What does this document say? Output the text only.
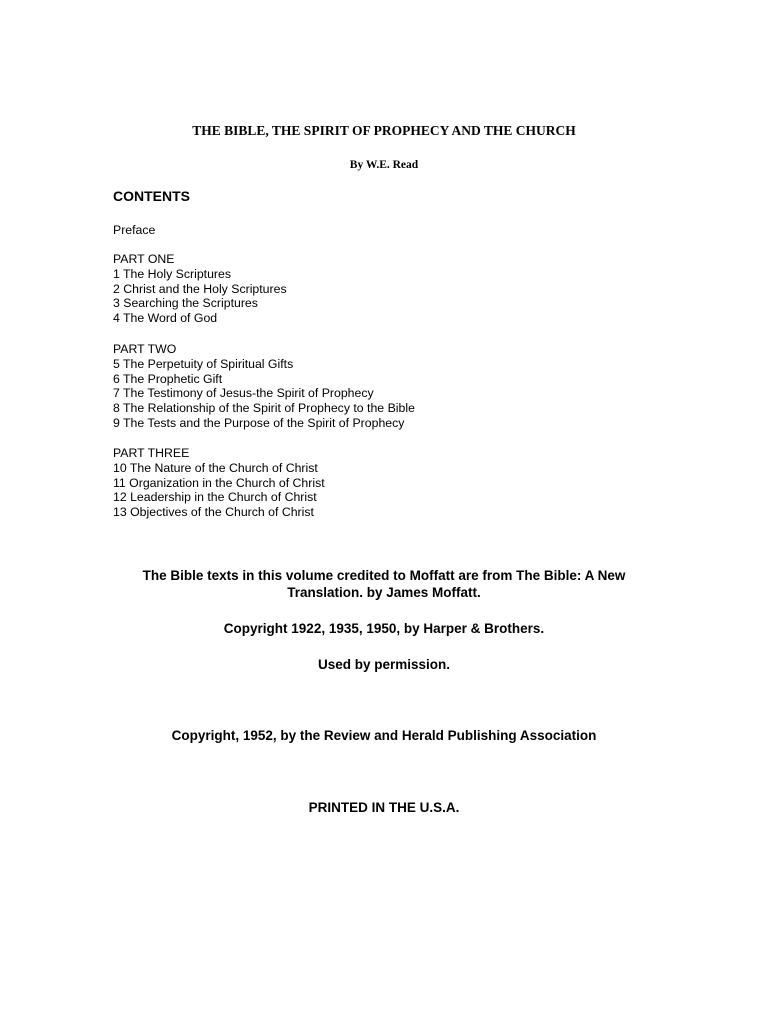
THE BIBLE, THE SPIRIT OF PROPHECY AND THE CHURCH

By W.E. Read

CONTENTS
Preface
PART ONE
1 The Holy Scriptures
2 Christ and the Holy Scriptures
3 Searching the Scriptures
4 The Word of God
PART TWO
5 The Perpetuity of Spiritual Gifts
6 The Prophetic Gift
7 The Testimony of Jesus-the Spirit of Prophecy
8 The Relationship of the Spirit of Prophecy to the Bible
9 The Tests and the Purpose of the Spirit of Prophecy
PART THREE
10 The Nature of the Church of Christ
11 Organization in the Church of Christ
12 Leadership in the Church of Christ
13 Objectives of the Church of Christ

The Bible texts in this volume credited to Moffatt are from The Bible: A New
Translation. by James Moffatt.

Copyright 1922, 1935, 1950, by Harper & Brothers.

Used by permission.

Copyright, 1952, by the Review and Herald Publishing Association

PRINTED IN THE U.S.A.
